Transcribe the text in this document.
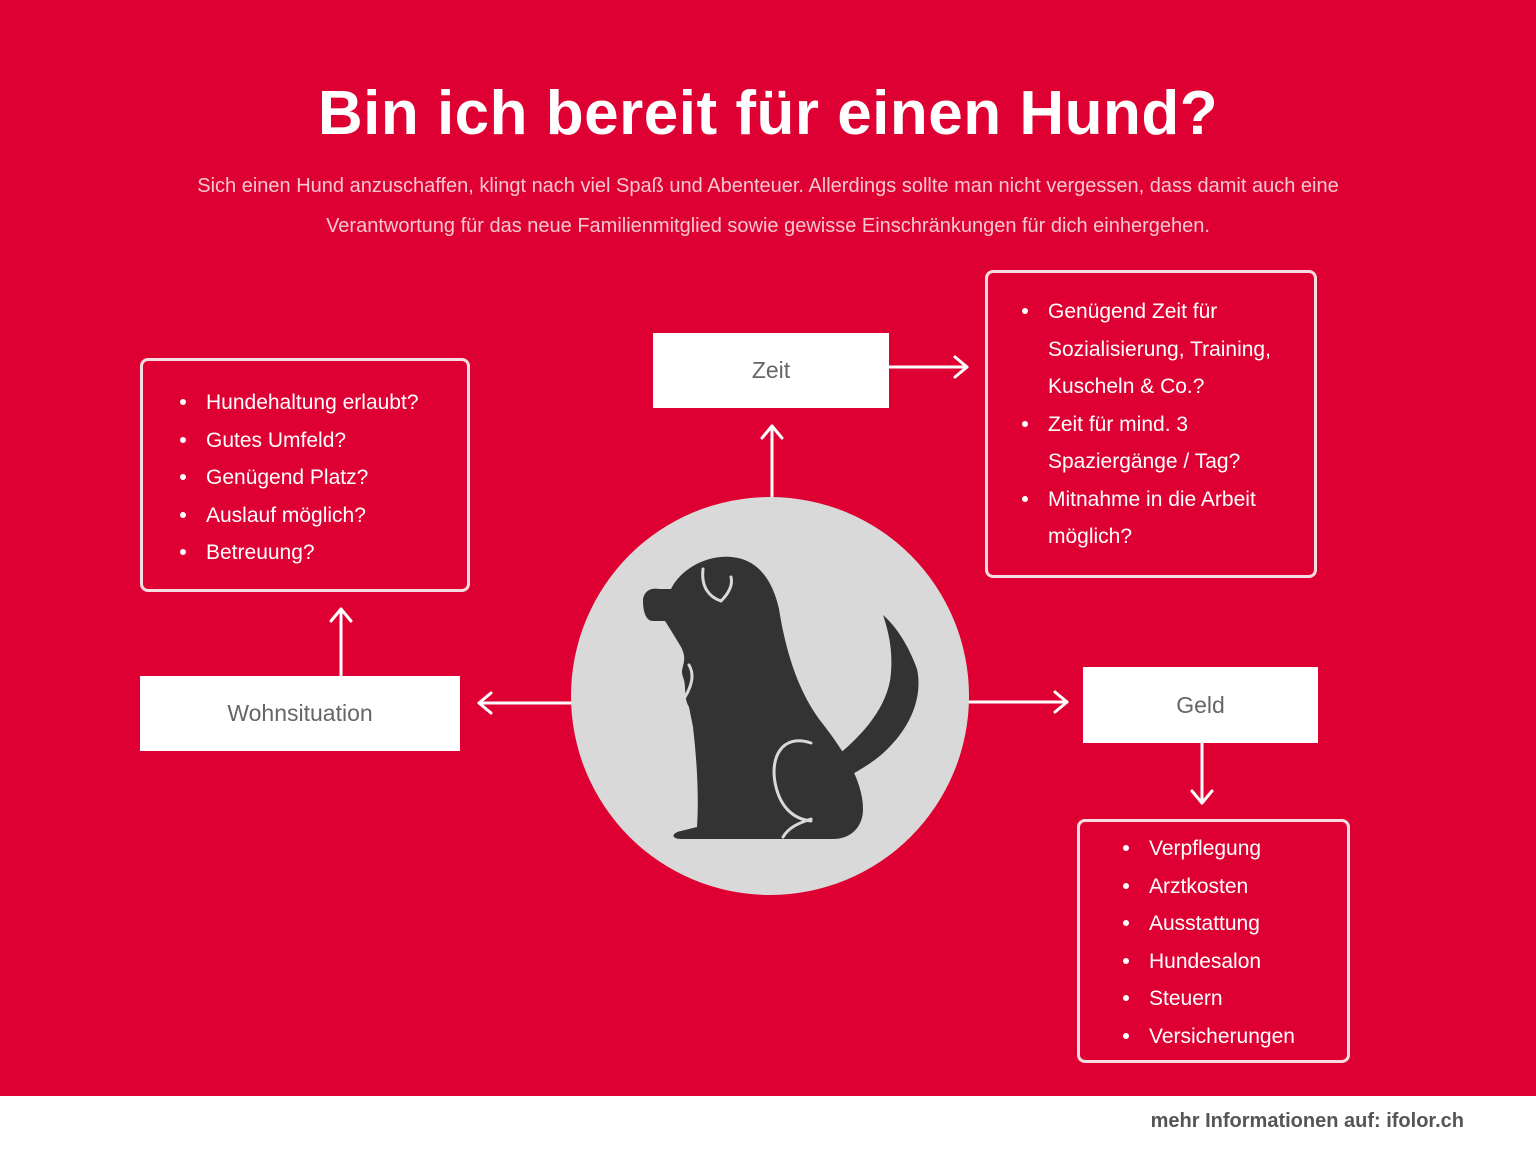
Bin ich bereit für einen Hund?
Sich einen Hund anzuschaffen, klingt nach viel Spaß und Abenteuer. Allerdings sollte man nicht vergessen, dass damit auch eine Verantwortung für das neue Familienmitglied sowie gewisse Einschränkungen für dich einhergehen.
Zeit
Genügend Zeit für Sozialisierung, Training, Kuscheln & Co.?
Zeit für mind. 3 Spaziergänge / Tag?
Mitnahme in die Arbeit möglich?
Wohnsituation
Hundehaltung erlaubt?
Gutes Umfeld?
Genügend Platz?
Auslauf möglich?
Betreuung?
Geld
Verpflegung
Arztkosten
Ausstattung
Hundesalon
Steuern
Versicherungen
mehr Informationen auf: ifolor.ch
